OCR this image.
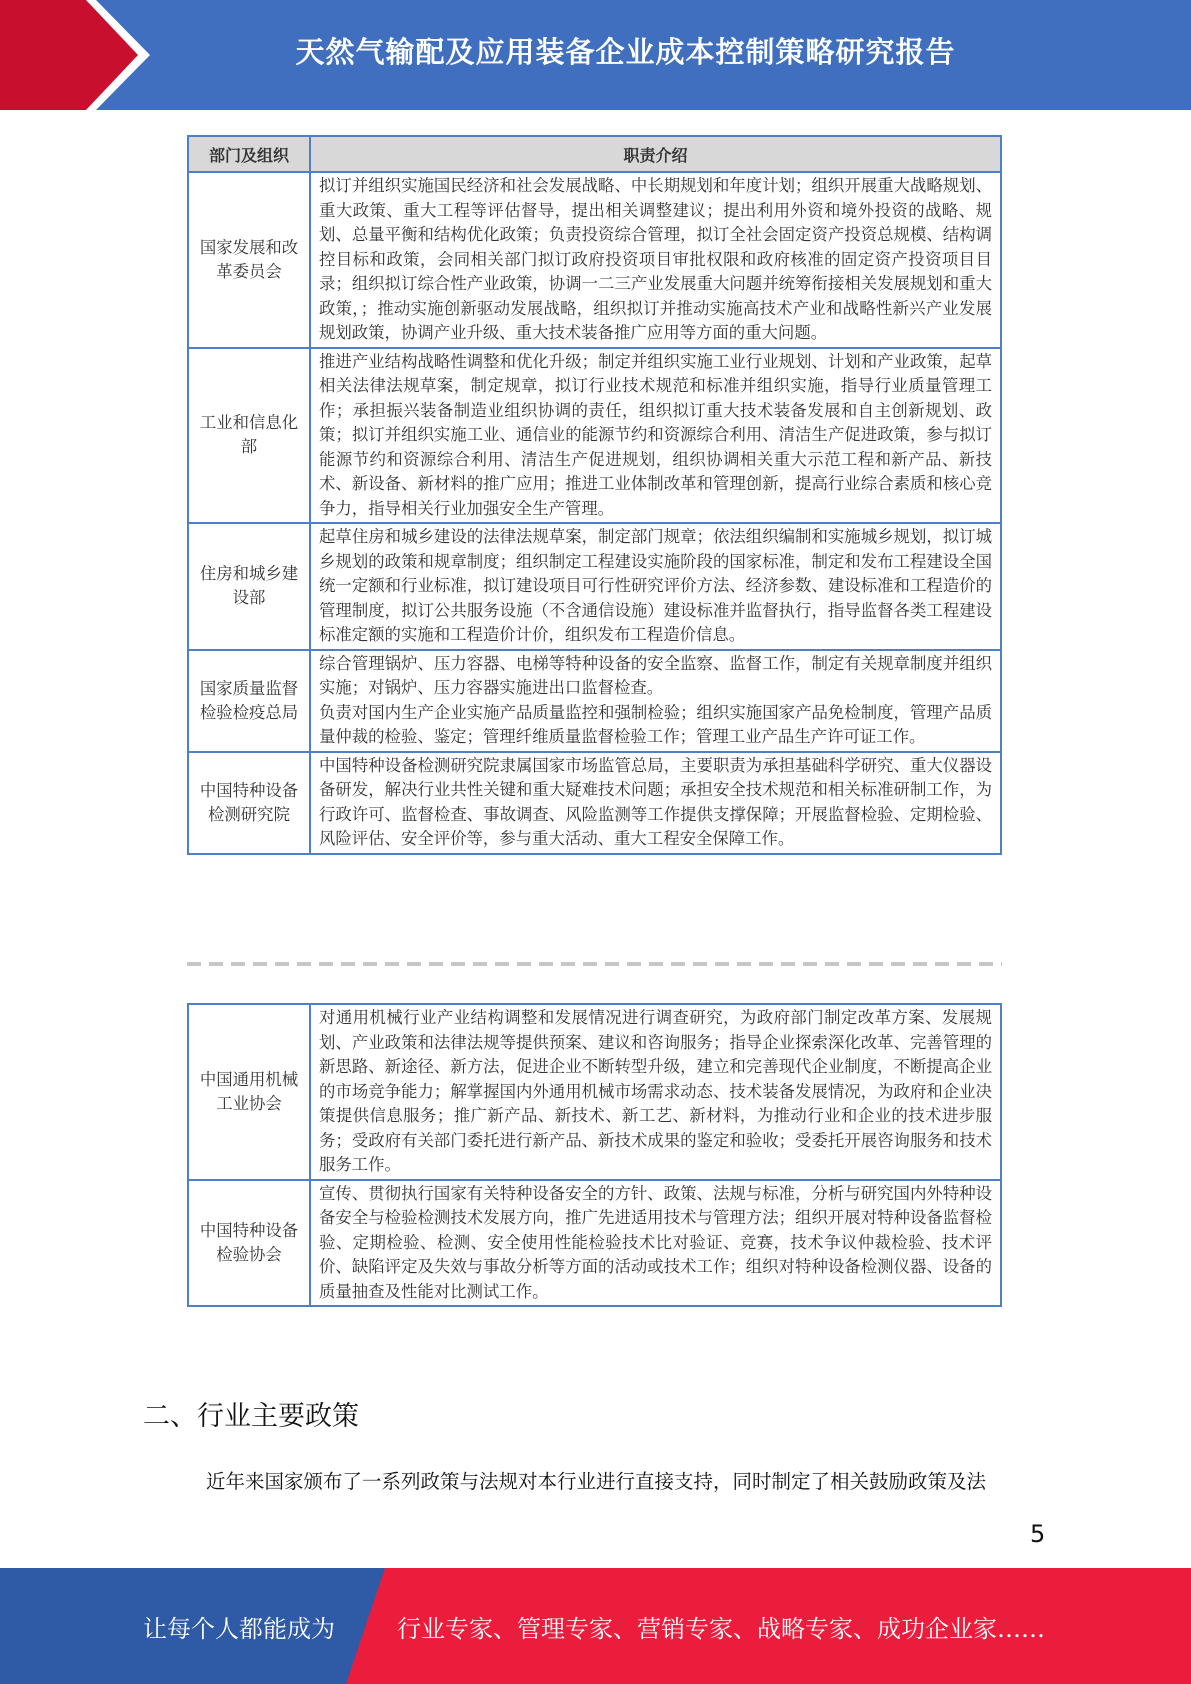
天然气输配及应用装备企业成本控制策略研究报告
部门及组织	职责介绍
国家发展和改革委员会	拟订并组织实施国民经济和社会发展战略、中长期规划和年度计划；组织开展重大战略规划、重大政策、重大工程等评估督导，提出相关调整建议；提出利用外资和境外投资的战略、规划、总量平衡和结构优化政策；负责投资综合管理，拟订全社会固定资产投资总规模、结构调控目标和政策，会同相关部门拟订政府投资项目审批权限和政府核准的固定资产投资项目目录；组织拟订综合性产业政策，协调一二三产业发展重大问题并统筹衔接相关发展规划和重大政策，；推动实施创新驱动发展战略，组织拟订并推动实施高技术产业和战略性新兴产业发展规划政策，协调产业升级、重大技术装备推广应用等方面的重大问题。
工业和信息化部	推进产业结构战略性调整和优化升级；制定并组织实施工业行业规划、计划和产业政策，起草相关法律法规草案，制定规章，拟订行业技术规范和标准并组织实施，指导行业质量管理工作；承担振兴装备制造业组织协调的责任，组织拟订重大技术装备发展和自主创新规划、政策；拟订并组织实施工业、通信业的能源节约和资源综合利用、清洁生产促进政策，参与拟订能源节约和资源综合利用、清洁生产促进规划，组织协调相关重大示范工程和新产品、新技术、新设备、新材料的推广应用；推进工业体制改革和管理创新，提高行业综合素质和核心竞争力，指导相关行业加强安全生产管理。
住房和城乡建设部	起草住房和城乡建设的法律法规草案，制定部门规章；依法组织编制和实施城乡规划，拟订城乡规划的政策和规章制度；组织制定工程建设实施阶段的国家标准，制定和发布工程建设全国统一定额和行业标准，拟订建设项目可行性研究评价方法、经济参数、建设标准和工程造价的管理制度，拟订公共服务设施（不含通信设施）建设标准并监督执行，指导监督各类工程建设标准定额的实施和工程造价计价，组织发布工程造价信息。
国家质量监督检验检疫总局	综合管理锅炉、压力容器、电梯等特种设备的安全监察、监督工作，制定有关规章制度并组织实施；对锅炉、压力容器实施进出口监督检查。
负责对国内生产企业实施产品质量监控和强制检验；组织实施国家产品免检制度，管理产品质量仲裁的检验、鉴定；管理纤维质量监督检验工作；管理工业产品生产许可证工作。

中国特种设备检测研究院	中国特种设备检测研究院隶属国家市场监管总局，主要职责为承担基础科学研究、重大仪器设备研发，解决行业共性关键和重大疑难技术问题；承担安全技术规范和相关标准研制工作，为行政许可、监督检查、事故调查、风险监测等工作提供支撑保障；开展监督检验、定期检验、风险评估、安全评价等，参与重大活动、重大工程安全保障工作。
中国通用机械工业协会	对通用机械行业产业结构调整和发展情况进行调查研究，为政府部门制定改革方案、发展规划、产业政策和法律法规等提供预案、建议和咨询服务；指导企业探索深化改革、完善管理的新思路、新途径、新方法，促进企业不断转型升级，建立和完善现代企业制度，不断提高企业的市场竞争能力；解掌握国内外通用机械市场需求动态、技术装备发展情况，为政府和企业决策提供信息服务；推广新产品、新技术、新工艺、新材料，为推动行业和企业的技术进步服务；受政府有关部门委托进行新产品、新技术成果的鉴定和验收；受委托开展咨询服务和技术服务工作。
中国特种设备检验协会	宣传、贯彻执行国家有关特种设备安全的方针、政策、法规与标准，分析与研究国内外特种设备安全与检验检测技术发展方向，推广先进适用技术与管理方法；组织开展对特种设备监督检验、定期检验、检测、安全使用性能检验技术比对验证、竞赛，技术争议仲裁检验、技术评价、缺陷评定及失效与事故分析等方面的活动或技术工作；组织对特种设备检测仪器、设备的质量抽查及性能对比测试工作。
二、行业主要政策
近年来国家颁布了一系列政策与法规对本行业进行直接支持，同时制定了相关鼓励政策及法
5
让每个人都能成为	行业专家、管理专家、营销专家、战略专家、成功企业家……
